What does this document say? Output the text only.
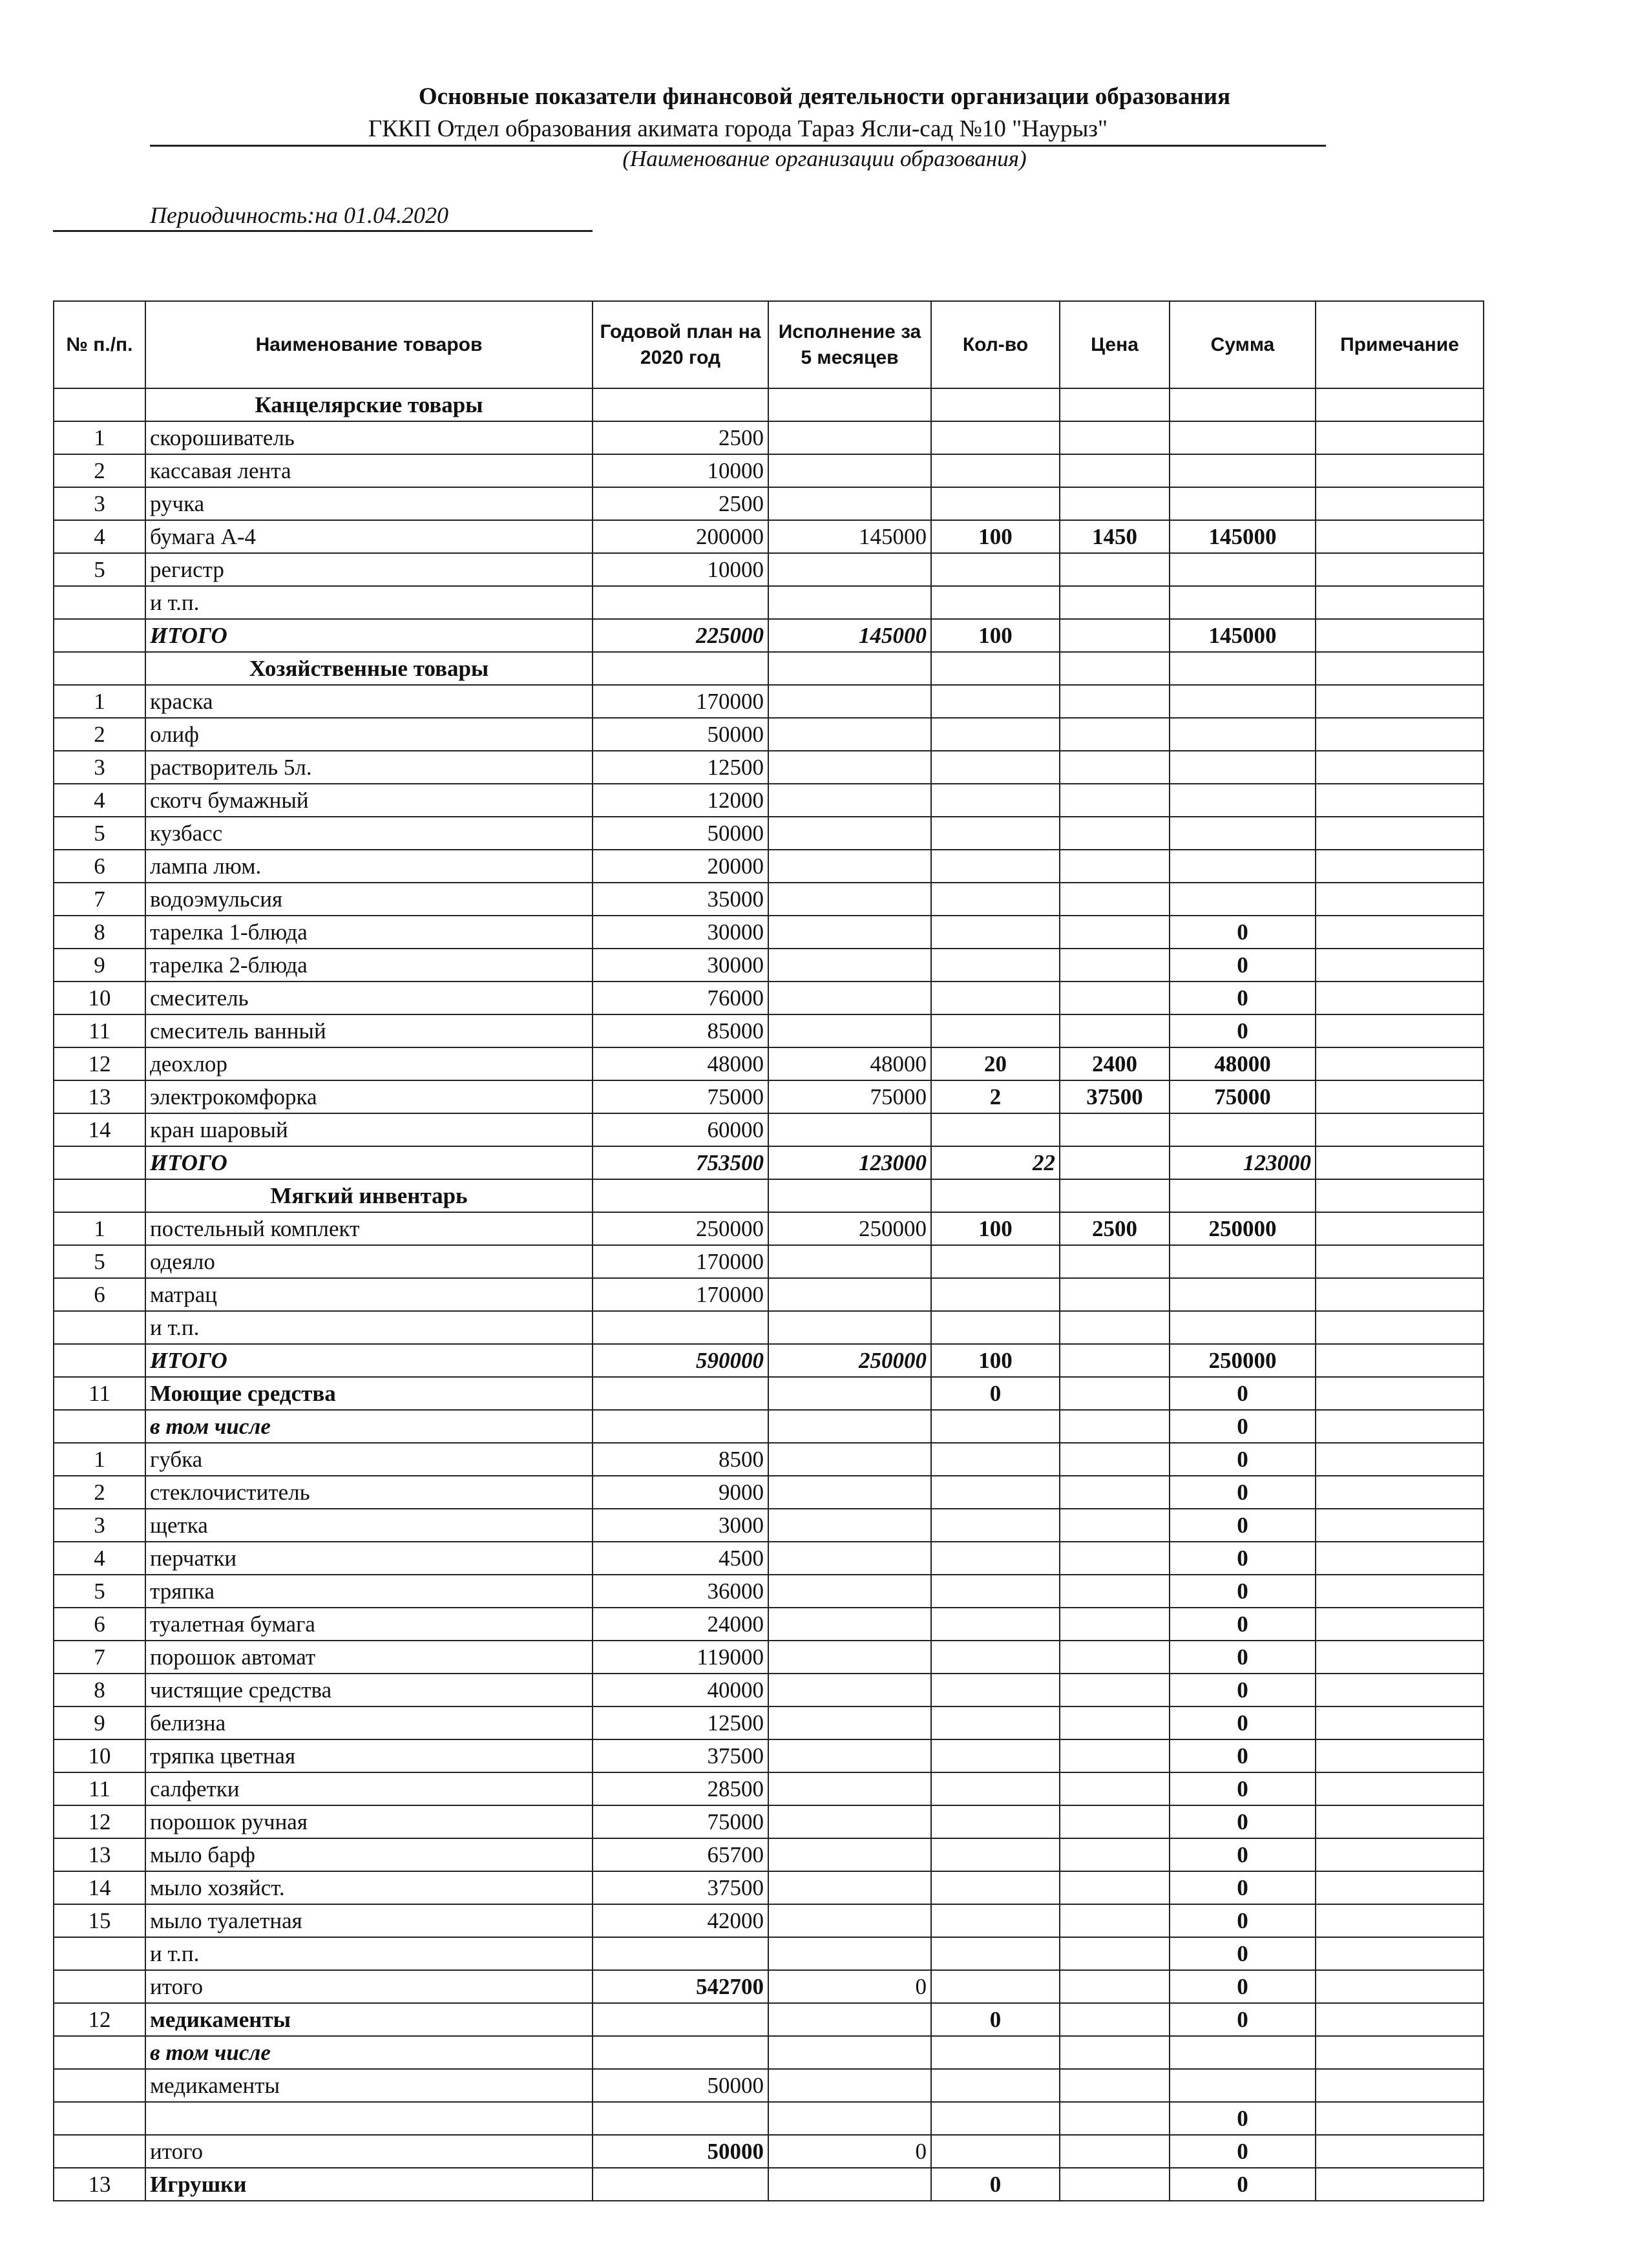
Основные показатели финансовой деятельности организации образования
ГККП Отдел образования акимата города Тараз Ясли-сад №10 "Наурыз"
(Наименование организации образования)
Периодичность:на 01.04.2020
№ п./п.	Наименование товаров	Годовой план на 2020 год	Исполнение за 5 месяцев	Кол-во	Цена	Сумма	Примечание
	Канцелярские товары						
1	скорошиватель	2500					
2	кассавая лента	10000					
3	ручка	2500					
4	бумага А-4	200000	145000	100	1450	145000	
5	регистр	10000					
	и т.п.						
	ИТОГО	225000	145000	100		145000	
	Хозяйственные товары						
1	краска	170000					
2	олиф	50000					
3	растворитель 5л.	12500					
4	скотч бумажный	12000					
5	кузбасс	50000					
6	лампа люм.	20000					
7	водоэмульсия	35000					
8	тарелка 1-блюда	30000				0	
9	тарелка 2-блюда	30000				0	
10	смеситель	76000				0	
11	смеситель ванный	85000				0	
12	деохлор	48000	48000	20	2400	48000	
13	электрокомфорка	75000	75000	2	37500	75000	
14	кран шаровый	60000					
	ИТОГО	753500	123000	22		123000	
	Мягкий инвентарь						
1	постельный комплект	250000	250000	100	2500	250000	
5	одеяло	170000					
6	матрац	170000					
	и т.п.						
	ИТОГО	590000	250000	100		250000	
11	Моющие средства			0		0	
	в том числе					0	
1	губка	8500				0	
2	стеклочиститель	9000				0	
3	щетка	3000				0	
4	перчатки	4500				0	
5	тряпка	36000				0	
6	туалетная бумага	24000				0	
7	порошок автомат	119000				0	
8	чистящие средства	40000				0	
9	белизна	12500				0	
10	тряпка цветная	37500				0	
11	салфетки	28500				0	
12	порошок ручная	75000				0	
13	мыло барф	65700				0	
14	мыло хозяйст.	37500				0	
15	мыло туалетная	42000				0	
	и т.п.					0	
	итого	542700	0			0	
12	медикаменты			0		0	
	в том числе						
	медикаменты	50000					
						0	
	итого	50000	0			0	
13	Игрушки			0		0	
